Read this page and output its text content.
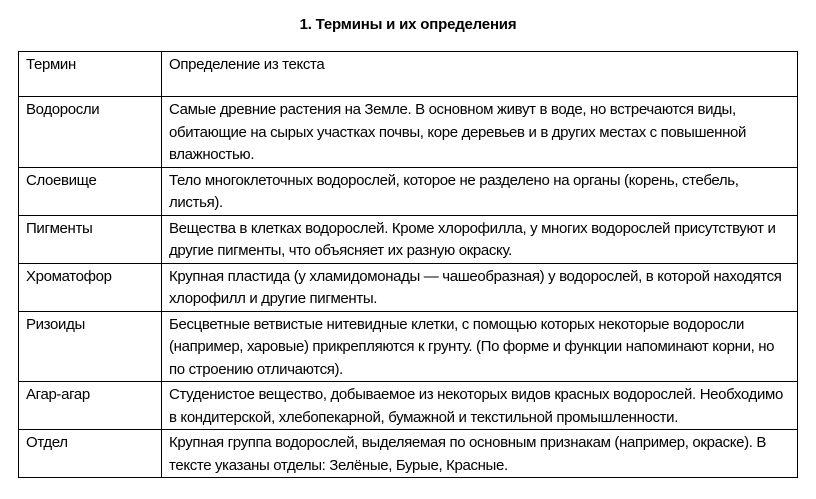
1. Термины и их определения
Термин	Определение из текста
Водоросли	Самые древние растения на Земле. В основном живут в воде, но встречаются виды, обитающие на сырых участках почвы, коре деревьев и в других местах с повышенной влажностью.
Слоевище	Тело многоклеточных водорослей, которое не разделено на органы (корень, стебель, листья).
Пигменты	Вещества в клетках водорослей. Кроме хлорофилла, у многих водорослей присутствуют и другие пигменты, что объясняет их разную окраску.
Хроматофор	Крупная пластида (у хламидомонады — чашеобразная) у водорослей, в которой находятся хлорофилл и другие пигменты.
Ризоиды	Бесцветные ветвистые нитевидные клетки, с помощью которых некоторые водоросли (например, харовые) прикрепляются к грунту. (По форме и функции напоминают корни, но по строению отличаются).
Агар-агар	Студенистое вещество, добываемое из некоторых видов красных водорослей. Необходимо в кондитерской, хлебопекарной, бумажной и текстильной промышленности.
Отдел	Крупная группа водорослей, выделяемая по основным признакам (например, окраске). В тексте указаны отделы: Зелёные, Бурые, Красные.
